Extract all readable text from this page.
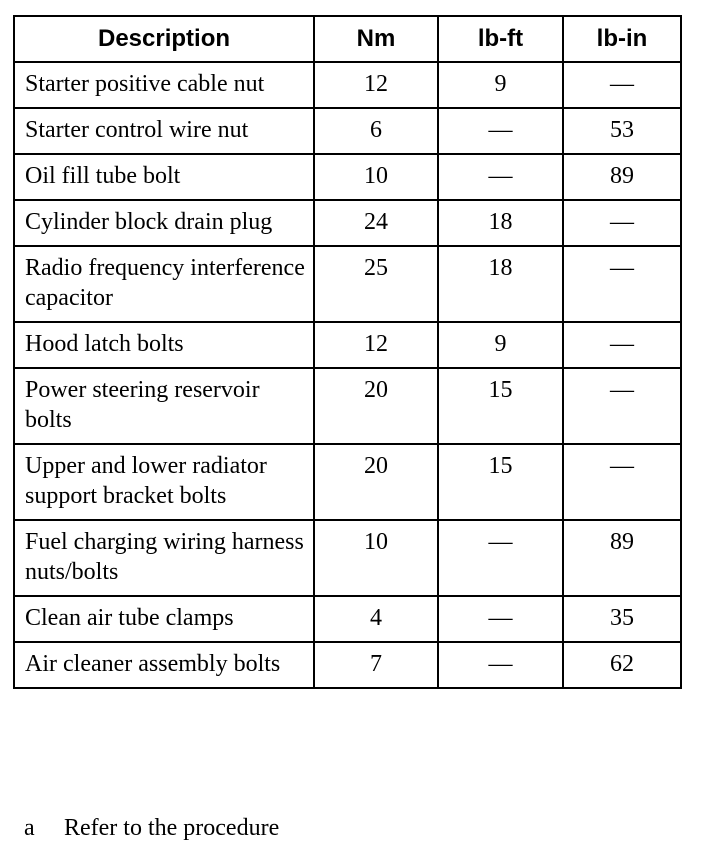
Description	Nm	lb-ft	lb-in
Starter positive cable nut	12	9	—
Starter control wire nut	6	—	53
Oil fill tube bolt	10	—	89
Cylinder block drain plug	24	18	—
Radio frequency interference capacitor	25	18	—
Hood latch bolts	12	9	—
Power steering reservoir bolts	20	15	—
Upper and lower radiator support bracket bolts	20	15	—
Fuel charging wiring harness nuts/bolts	10	—	89
Clean air tube clamps	4	—	35
Air cleaner assembly bolts	7	—	62
a Refer to the procedure
